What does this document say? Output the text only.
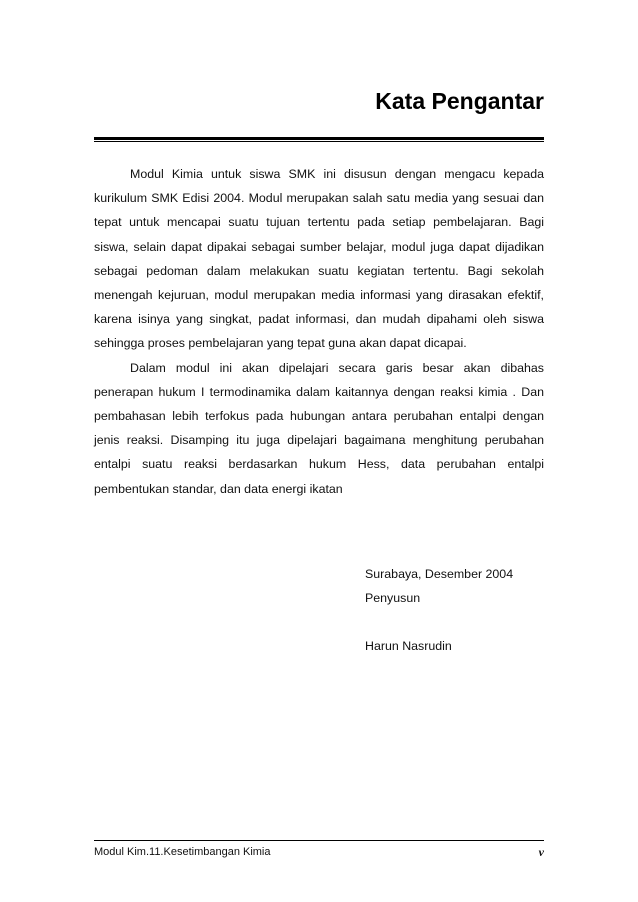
Kata Pengantar

Modul Kimia untuk siswa SMK ini disusun dengan mengacu kepada kurikulum SMK Edisi 2004. Modul merupakan salah satu media yang sesuai dan tepat untuk mencapai suatu tujuan tertentu pada setiap pembelajaran. Bagi siswa, selain dapat dipakai sebagai sumber belajar, modul juga dapat dijadikan sebagai pedoman dalam melakukan suatu kegiatan tertentu. Bagi sekolah menengah kejuruan, modul merupakan media informasi yang dirasakan efektif, karena isinya yang singkat, padat informasi, dan mudah dipahami oleh siswa sehingga proses pembelajaran yang tepat guna akan dapat dicapai.

Dalam modul ini akan dipelajari secara garis besar akan dibahas penerapan hukum I termodinamika dalam kaitannya dengan reaksi kimia . Dan pembahasan lebih terfokus pada hubungan antara perubahan entalpi dengan jenis reaksi. Disamping itu juga dipelajari bagaimana menghitung perubahan entalpi suatu reaksi berdasarkan hukum Hess, data perubahan entalpi pembentukan standar, dan data energi ikatan

Surabaya, Desember 2004
Penyusun
Harun Nasrudin
Modul Kim.11.Kesetimbangan Kimia	v
